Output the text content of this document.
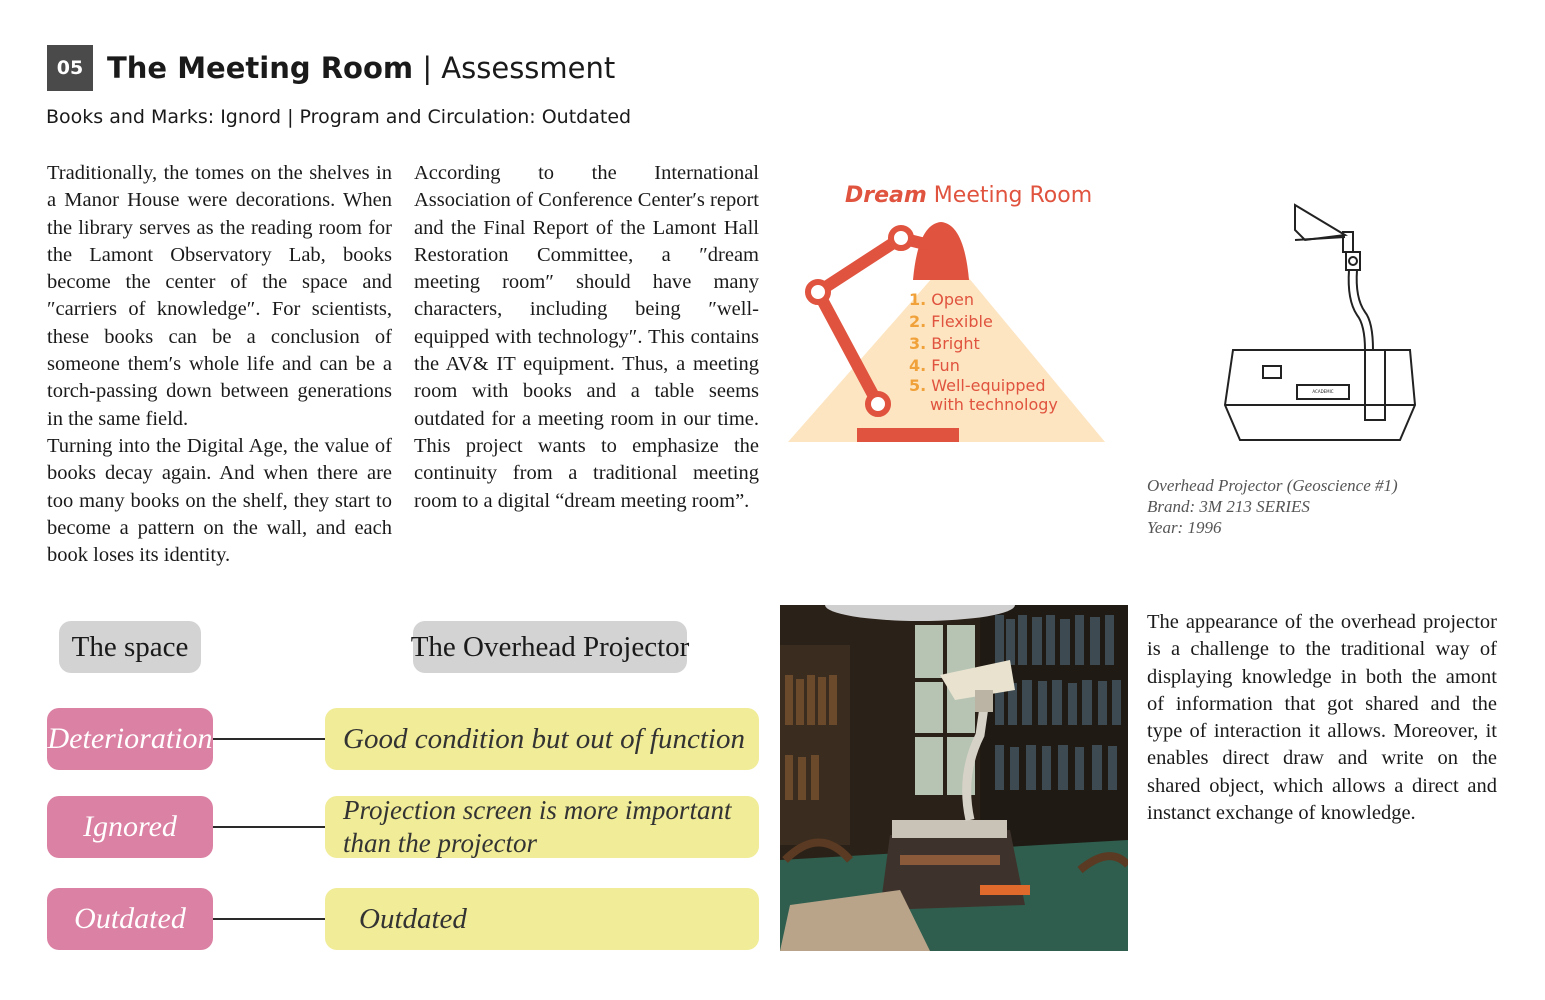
05 The Meeting Room | Assessment
Books and Marks: Ignord | Program and Circulation: Outdated

Traditionally, the tomes on the shelves in a Manor House were decorations. When the library serves as the reading room for the Lamont Observatory Lab, books become the center of the space and ″carriers of knowledge″. For scientists, these books can be a conclusion of someone them′s whole life and can be a torch-passing down between generations in the same field.

Turning into the Digital Age, the value of books decay again. And when there are too many books on the shelf, they start to become a pattern on the wall, and each book loses its identity.

According to the International Association of Conference Center′s report and the Final Report of the Lamont Hall Restoration Committee, a ″dream meeting room″ should have many characters, including being ″well-equipped with technology″. This contains the AV& IT equipment. Thus, a meeting room with books and a table seems outdated for a meeting room in our time. This project wants to emphasize the continuity from a traditional meeting room to a digital “dream meeting room”.

Dream Meeting Room
1. Open
2. Flexible
3. Bright
4. Fun
5. Well-equipped
with technology
ACADEMIC
Overhead Projector (Geoscience #1)
Brand: 3M 213 SERIES
Year: 1996
The space	The Overhead Projector
Deterioration	Good condition but out of function
Ignored	Projection screen is more important than the projector
Outdated	Outdated

The appearance of the overhead projector is a challenge to the traditional way of displaying knowledge in both the amont of information that got shared and the type of interaction it allows. Moreover, it enables direct draw and write on the shared object, which allows a direct and instanct exchange of knowledge.
